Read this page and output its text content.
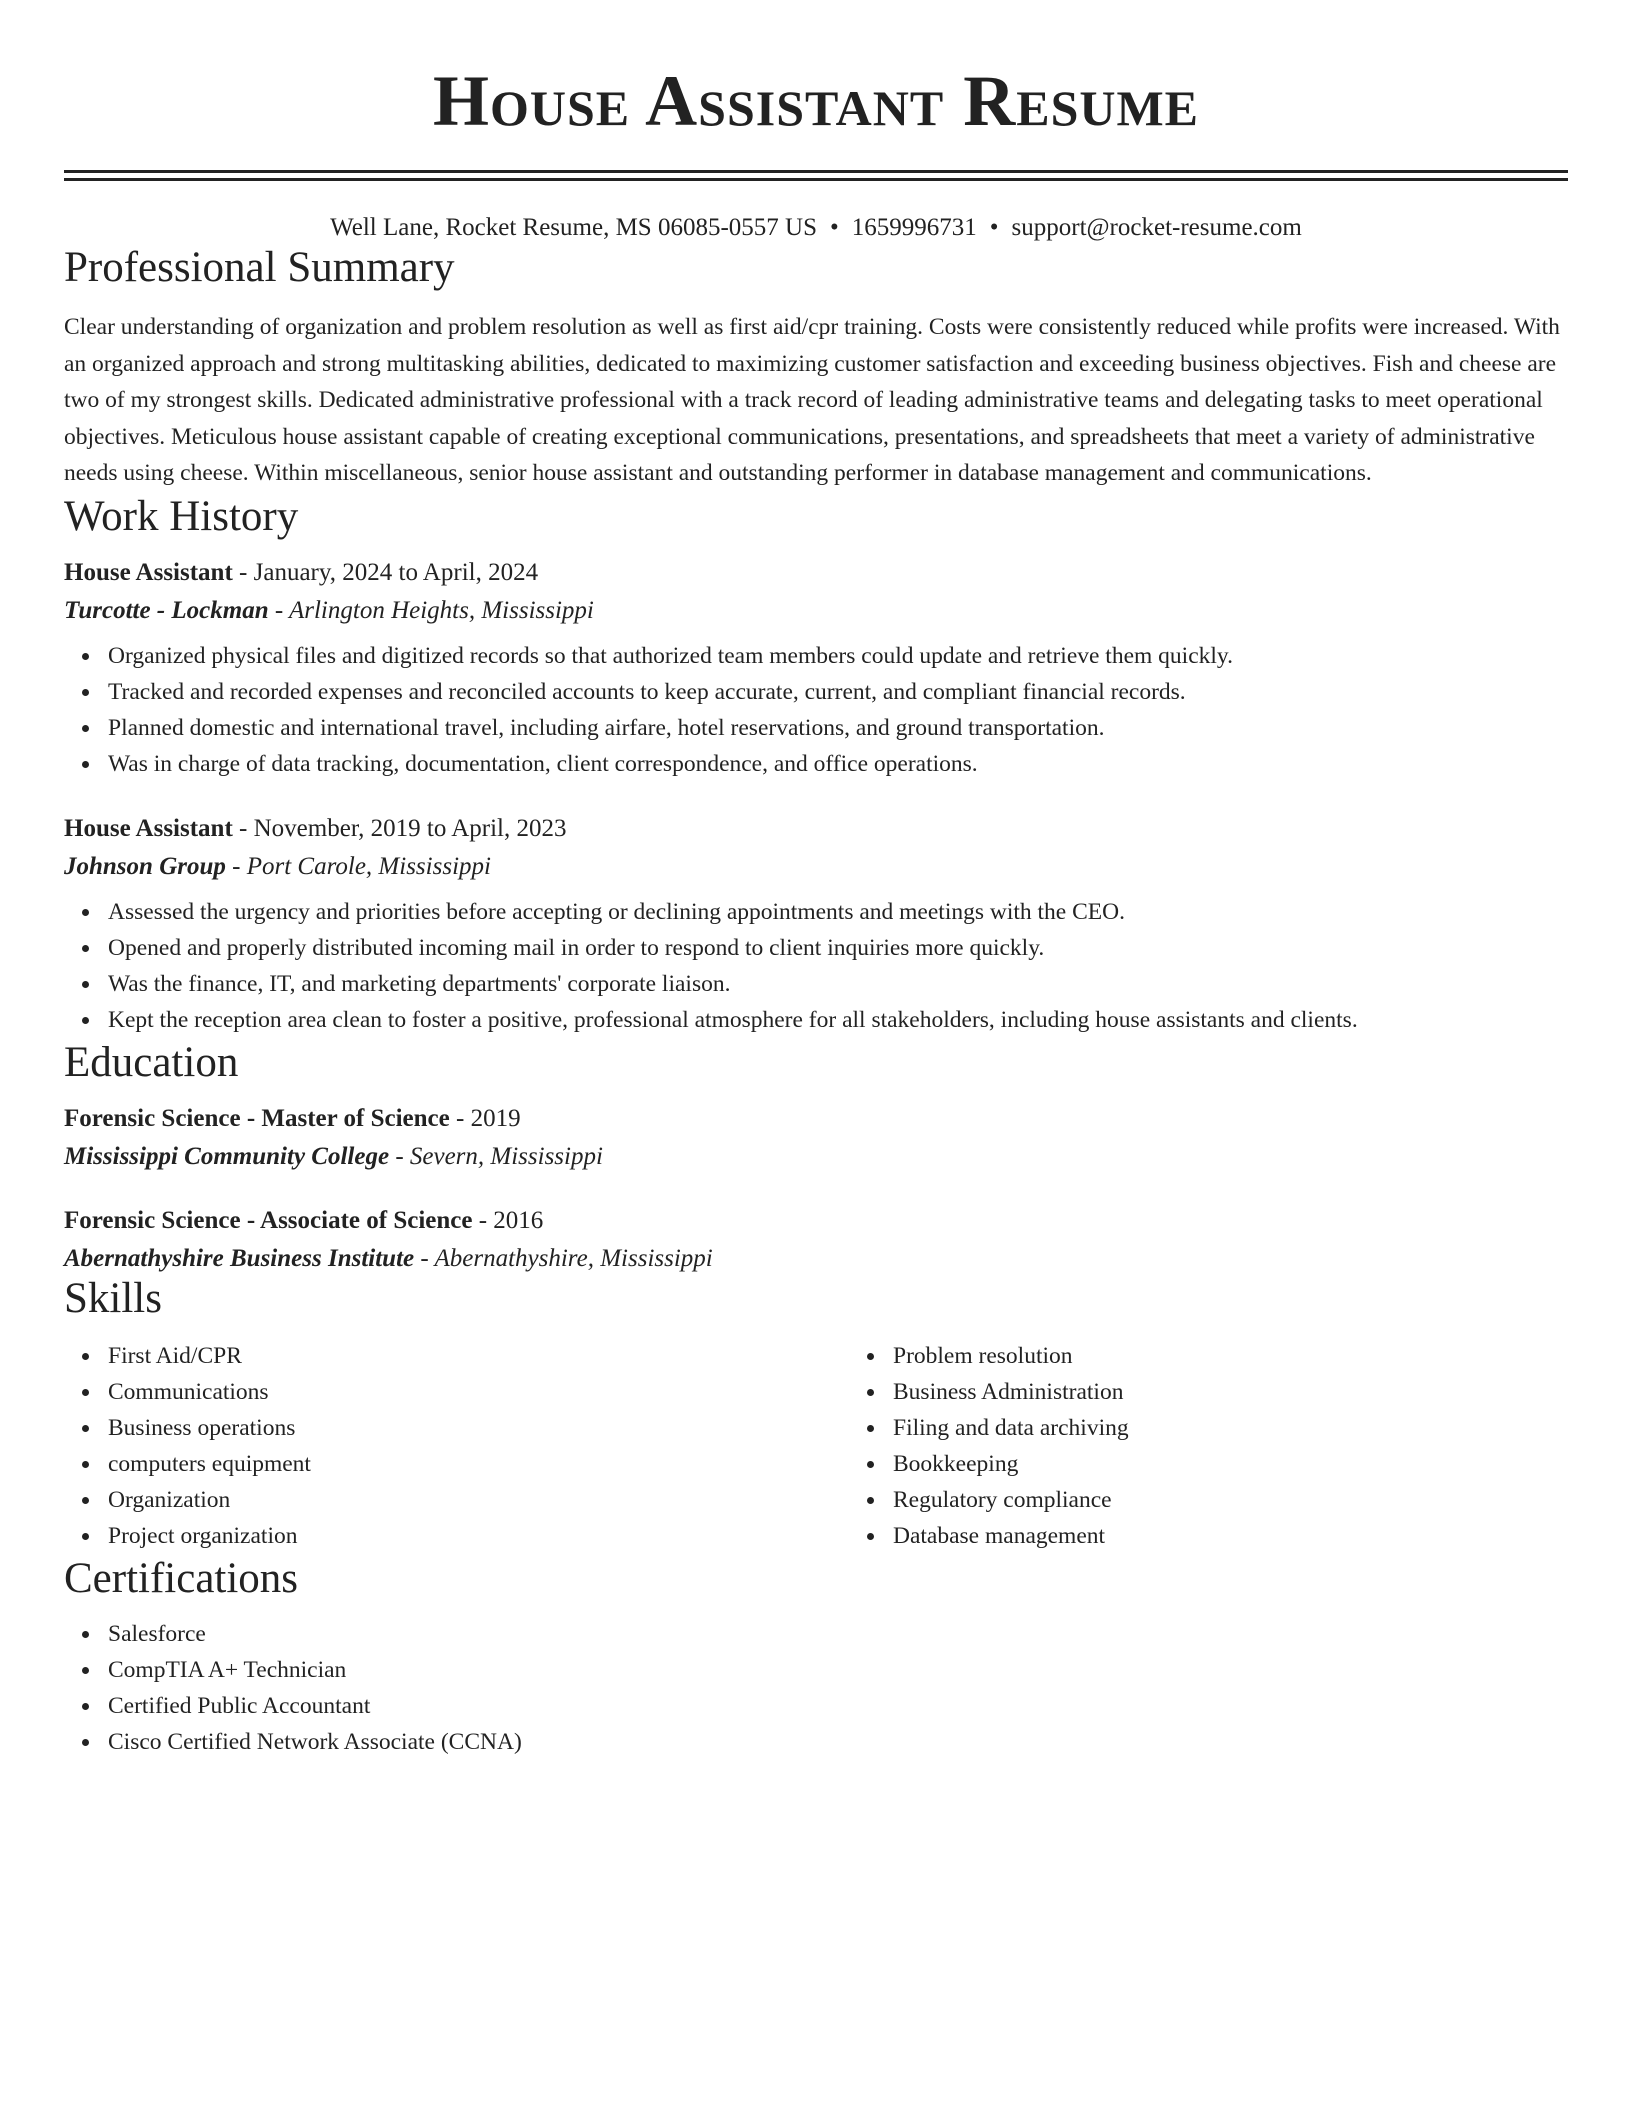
House Assistant Resume
Well Lane, Rocket Resume, MS 06085-0557 US • 1659996731 • support@rocket-resume.com
Professional Summary

Clear understanding of organization and problem resolution as well as first aid/cpr training. Costs were consistently reduced while profits were increased. With an organized approach and strong multitasking abilities, dedicated to maximizing customer satisfaction and exceeding business objectives. Fish and cheese are two of my strongest skills. Dedicated administrative professional with a track record of leading administrative teams and delegating tasks to meet operational objectives. Meticulous house assistant capable of creating exceptional communications, presentations, and spreadsheets that meet a variety of administrative needs using cheese. Within miscellaneous, senior house assistant and outstanding performer in database management and communications.

Work History
House Assistant - January, 2024 to April, 2024
Turcotte - Lockman - Arlington Heights, Mississippi
Organized physical files and digitized records so that authorized team members could update and retrieve them quickly.
Tracked and recorded expenses and reconciled accounts to keep accurate, current, and compliant financial records.
Planned domestic and international travel, including airfare, hotel reservations, and ground transportation.
Was in charge of data tracking, documentation, client correspondence, and office operations.
House Assistant - November, 2019 to April, 2023
Johnson Group - Port Carole, Mississippi
Assessed the urgency and priorities before accepting or declining appointments and meetings with the CEO.
Opened and properly distributed incoming mail in order to respond to client inquiries more quickly.
Was the finance, IT, and marketing departments' corporate liaison.
Kept the reception area clean to foster a positive, professional atmosphere for all stakeholders, including house assistants and clients.
Education
Forensic Science - Master of Science - 2019
Mississippi Community College - Severn, Mississippi
Forensic Science - Associate of Science - 2016
Abernathyshire Business Institute - Abernathyshire, Mississippi
Skills
First Aid/CPR
Communications
Business operations
computers equipment
Organization
Project organization
Problem resolution
Business Administration
Filing and data archiving
Bookkeeping
Regulatory compliance
Database management
Certifications
Salesforce
CompTIA A+ Technician
Certified Public Accountant
Cisco Certified Network Associate (CCNA)
